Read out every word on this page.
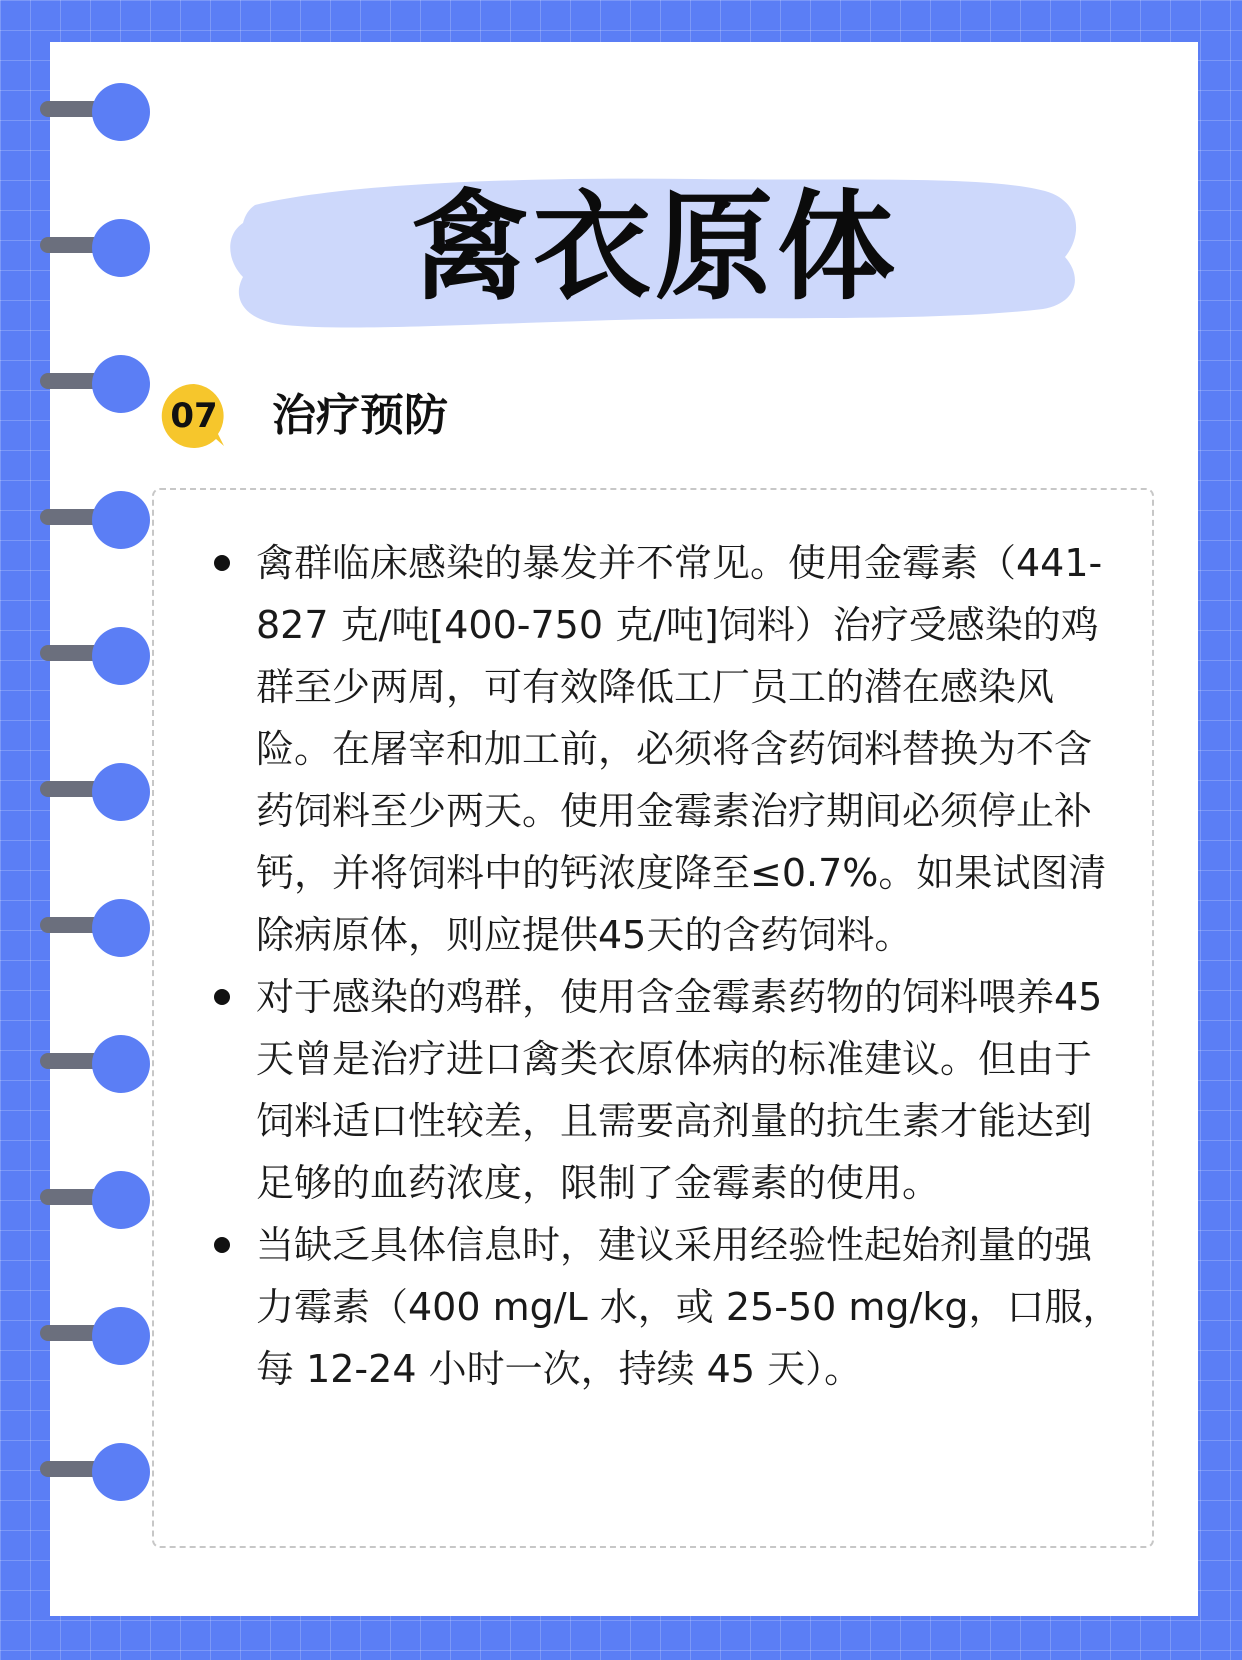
禽衣原体
07 治疗预防
禽群临床感染的暴发并不常见。使用金霉素（441-827 克/吨[400-750 克/吨]饲料）治疗受感染的鸡群至少两周，可有效降低工厂员工的潜在感染风险。在屠宰和加工前，必须将含药饲料替换为不含药饲料至少两天。使用金霉素治疗期间必须停止补钙，并将饲料中的钙浓度降至≤0.7%。如果试图清除病原体，则应提供45天的含药饲料。
对于感染的鸡群，使用含金霉素药物的饲料喂养45天曾是治疗进口禽类衣原体病的标准建议。但由于饲料适口性较差，且需要高剂量的抗生素才能达到足够的血药浓度，限制了金霉素的使用。
当缺乏具体信息时，建议采用经验性起始剂量的强力霉素（400 mg/L 水，或 25-50 mg/kg，口服，每 12-24 小时一次，持续 45 天）。
